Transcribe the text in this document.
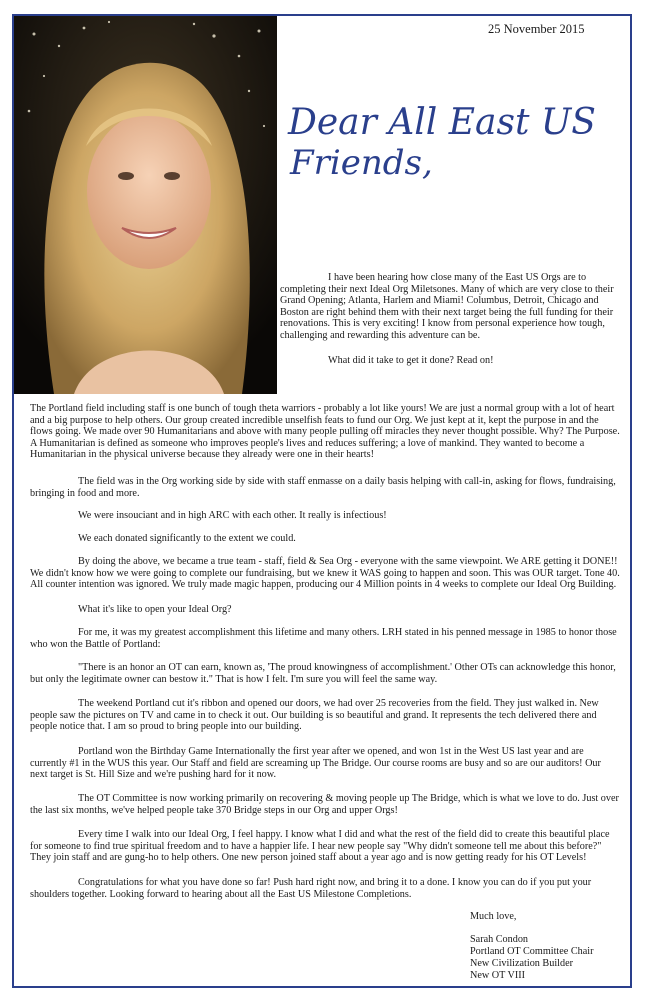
25 November 2015
Dear All East US
Friends,

I have been hearing how close many of the East US Orgs are to completing their next Ideal Org Miletsones. Many of which are very close to their Grand Opening; Atlanta, Harlem and Miami! Columbus, Detroit, Chicago and Boston are right behind them with their next target being the full funding for their renovations. This is very exciting! I know from personal experience how tough, challenging and rewarding this adventure can be.

What did it take to get it done? Read on!

The Portland field including staff is one bunch of tough theta warriors - probably a lot like yours! We are just a normal group with a lot of heart and a big purpose to help others. Our group created incredible unselfish feats to fund our Org. We just kept at it, kept the purpose in and the flows going. We made over 90 Humanitarians and above with many people pulling off miracles they never thought possible. Why? The Purpose. A Humanitarian is defined as someone who improves people's lives and reduces suffering; a love of mankind. They wanted to become a Humanitarian in the physical universe because they already were one in their hearts!

The field was in the Org working side by side with staff enmasse on a daily basis helping with call-in, asking for flows, fundraising, bringing in food and more.

We were insouciant and in high ARC with each other. It really is infectious!

We each donated significantly to the extent we could.

By doing the above, we became a true team - staff, field & Sea Org - everyone with the same viewpoint. We ARE getting it DONE!! We didn't know how we were going to complete our fundraising, but we knew it WAS going to happen and soon. This was OUR target. Tone 40. All counter intention was ignored. We truly made magic happen, producing our 4 Million points in 4 weeks to complete our Ideal Org Building.

What it's like to open your Ideal Org?

For me, it was my greatest accomplishment this lifetime and many others. LRH stated in his penned message in 1985 to honor those who won the Battle of Portland:

"There is an honor an OT can earn, known as, 'The proud knowingness of accomplishment.' Other OTs can acknowledge this honor, but only the legitimate owner can bestow it." That is how I felt. I'm sure you will feel the same way.

The weekend Portland cut it's ribbon and opened our doors, we had over 25 recoveries from the field. They just walked in. New people saw the pictures on TV and came in to check it out. Our building is so beautiful and grand. It represents the tech delivered there and people notice that. I am so proud to bring people into our building.

Portland won the Birthday Game Internationally the first year after we opened, and won 1st in the West US last year and are currently #1 in the WUS this year. Our Staff and field are screaming up The Bridge. Our course rooms are busy and so are our auditors! Our next target is St. Hill Size and we're pushing hard for it now.

The OT Committee is now working primarily on recovering & moving people up The Bridge, which is what we love to do. Just over the last six months, we've helped people take 370 Bridge steps in our Org and upper Orgs!

Every time I walk into our Ideal Org, I feel happy. I know what I did and what the rest of the field did to create this beautiful place for someone to find true spiritual freedom and to have a happier life. I hear new people say "Why didn't someone tell me about this before?" They join staff and are gung-ho to help others. One new person joined staff about a year ago and is now getting ready for his OT Levels!

Congratulations for what you have done so far! Push hard right now, and bring it to a done. I know you can do if you put your shoulders together. Looking forward to hearing about all the East US Milestone Completions.

Much love,

Sarah Condon

Portland OT Committee Chair

New Civilization Builder

New OT VIII
